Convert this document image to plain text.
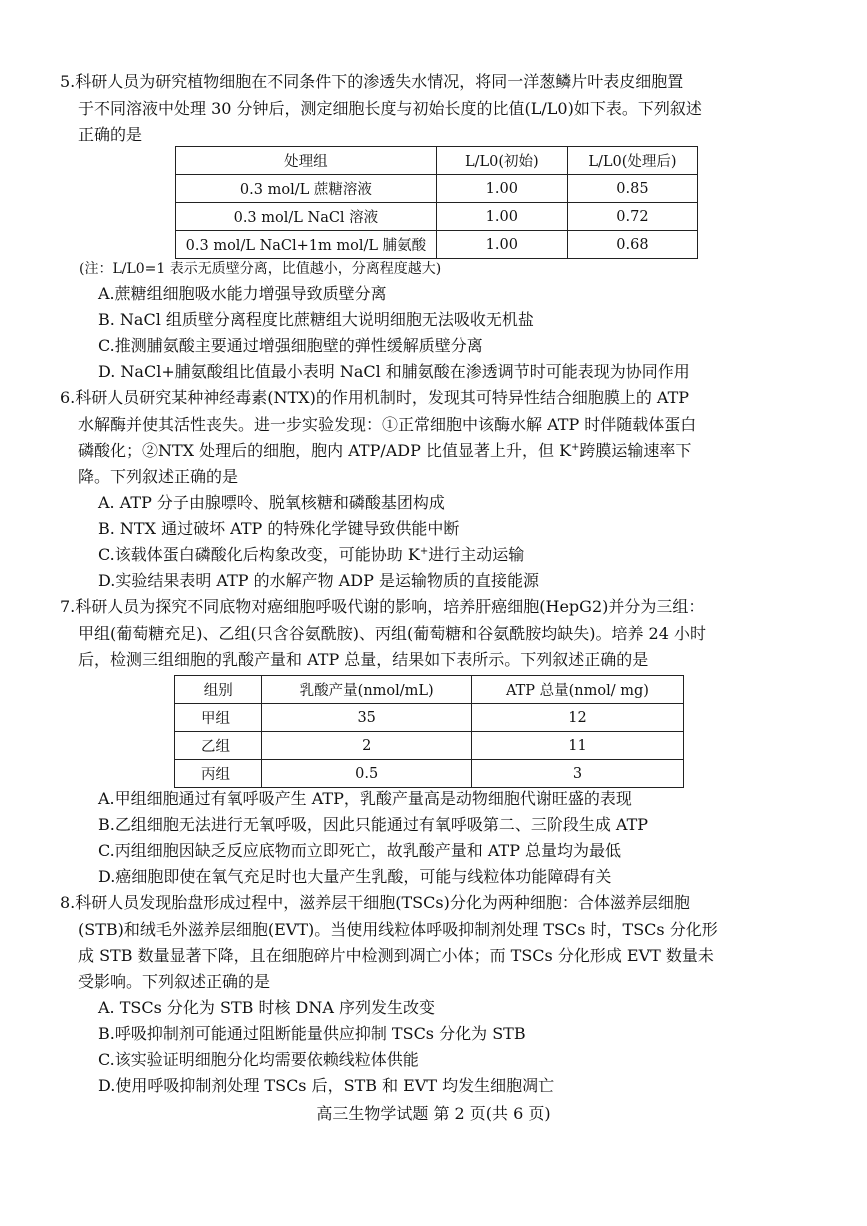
5.科研人员为研究植物细胞在不同条件下的渗透失水情况，将同一洋葱鳞片叶表皮细胞置
于不同溶液中处理 30 分钟后，测定细胞长度与初始长度的比值(L/L0)如下表。下列叙述
正确的是
处理组	L/L0(初始)	L/L0(处理后)
0.3 mol/L 蔗糖溶液	1.00	0.85
0.3 mol/L NaCl 溶液	1.00	0.72
0.3 mol/L NaCl+1m mol/L 脯氨酸	1.00	0.68
(注：L/L0=1 表示无质壁分离，比值越小，分离程度越大)
A.蔗糖组细胞吸水能力增强导致质壁分离
B. NaCl 组质壁分离程度比蔗糖组大说明细胞无法吸收无机盐
C.推测脯氨酸主要通过增强细胞壁的弹性缓解质壁分离
D. NaCl+脯氨酸组比值最小表明 NaCl 和脯氨酸在渗透调节时可能表现为协同作用
6.科研人员研究某种神经毒素(NTX)的作用机制时，发现其可特异性结合细胞膜上的 ATP
水解酶并使其活性丧失。进一步实验发现：①正常细胞中该酶水解 ATP 时伴随载体蛋白
磷酸化；②NTX 处理后的细胞，胞内 ATP/ADP 比值显著上升，但 K+跨膜运输速率下
降。下列叙述正确的是
A. ATP 分子由腺嘌呤、脱氧核糖和磷酸基团构成
B. NTX 通过破坏 ATP 的特殊化学键导致供能中断
C.该载体蛋白磷酸化后构象改变，可能协助 K+进行主动运输
D.实验结果表明 ATP 的水解产物 ADP 是运输物质的直接能源
7.科研人员为探究不同底物对癌细胞呼吸代谢的影响，培养肝癌细胞(HepG2)并分为三组：
甲组(葡萄糖充足)、乙组(只含谷氨酰胺)、丙组(葡萄糖和谷氨酰胺均缺失)。培养 24 小时
后，检测三组细胞的乳酸产量和 ATP 总量，结果如下表所示。下列叙述正确的是
组别	乳酸产量(nmol/mL)	ATP 总量(nmol/ mg)
甲组	35	12
乙组	2	11
丙组	0.5	3
A.甲组细胞通过有氧呼吸产生 ATP，乳酸产量高是动物细胞代谢旺盛的表现
B.乙组细胞无法进行无氧呼吸，因此只能通过有氧呼吸第二、三阶段生成 ATP
C.丙组细胞因缺乏反应底物而立即死亡，故乳酸产量和 ATP 总量均为最低
D.癌细胞即使在氧气充足时也大量产生乳酸，可能与线粒体功能障碍有关
8.科研人员发现胎盘形成过程中，滋养层干细胞(TSCs)分化为两种细胞：合体滋养层细胞
(STB)和绒毛外滋养层细胞(EVT)。当使用线粒体呼吸抑制剂处理 TSCs 时，TSCs 分化形
成 STB 数量显著下降，且在细胞碎片中检测到凋亡小体；而 TSCs 分化形成 EVT 数量未
受影响。下列叙述正确的是
A. TSCs 分化为 STB 时核 DNA 序列发生改变
B.呼吸抑制剂可能通过阻断能量供应抑制 TSCs 分化为 STB
C.该实验证明细胞分化均需要依赖线粒体供能
D.使用呼吸抑制剂处理 TSCs 后，STB 和 EVT 均发生细胞凋亡
高三生物学试题 第 2 页(共 6 页)
